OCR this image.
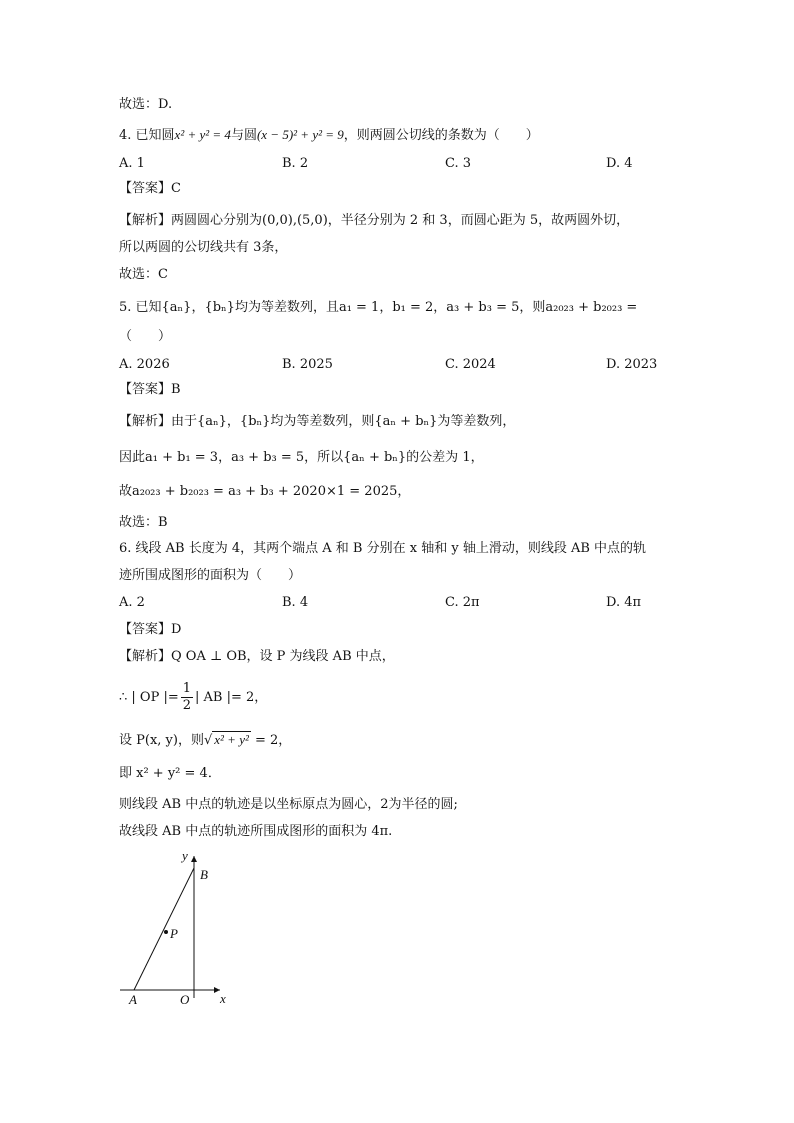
故选：D.
4. 已知圆x² + y² = 4与圆(x − 5)² + y² = 9，则两圆公切线的条数为（　　）
A. 1	B. 2	C. 3	D. 4
【答案】C
【解析】两圆圆心分别为(0,0),(5,0)，半径分别为 2 和 3，而圆心距为 5，故两圆外切，
所以两圆的公切线共有 3条，
故选：C
5. 已知{aₙ}，{bₙ}均为等差数列，且a₁ = 1，b₁ = 2，a₃ + b₃ = 5，则a₂₀₂₃ + b₂₀₂₃ =
（　　）
A. 2026	B. 2025	C. 2024	D. 2023
【答案】B
【解析】由于{aₙ}，{bₙ}均为等差数列，则{aₙ + bₙ}为等差数列，
因此a₁ + b₁ = 3，a₃ + b₃ = 5，所以{aₙ + bₙ}的公差为 1，
故a₂₀₂₃ + b₂₀₂₃ = a₃ + b₃ + 2020×1 = 2025，
故选：B
6. 线段 AB 长度为 4，其两个端点 A 和 B 分别在 x 轴和 y 轴上滑动，则线段 AB 中点的轨
迹所围成图形的面积为（　　）
A. 2	B. 4	C. 2π	D. 4π
【答案】D
【解析】Q OA ⊥ OB，设 P 为线段 AB 中点，
∴ | OP |= $\frac{1}{2}$ | AB |= 2，
设 P(x, y)，则√ x² + y² = 2，
即 x² + y² = 4．
则线段 AB 中点的轨迹是以坐标原点为圆心，2为半径的圆;
故线段 AB 中点的轨迹所围成图形的面积为 4π.
y
B
P
A	O x
